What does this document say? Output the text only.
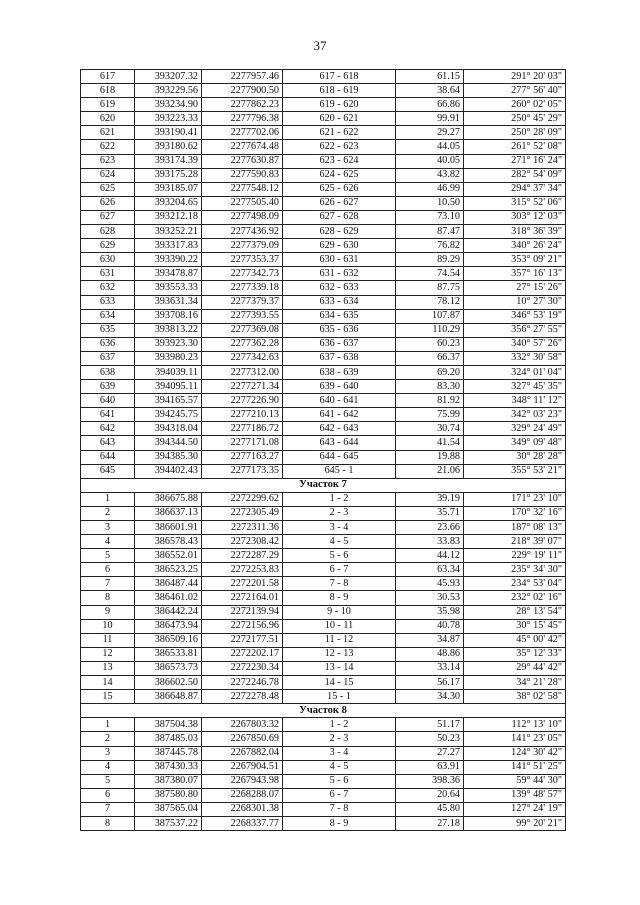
37
617	393207.32	2277957.46	617 - 618	61.15	291° 20' 03"
618	393229.56	2277900.50	618 - 619	38.64	277° 56' 40"
619	393234.90	2277862.23	619 - 620	66.86	260° 02' 05"
620	393223.33	2277796.38	620 - 621	99.91	250° 45' 29"
621	393190.41	2277702.06	621 - 622	29.27	250° 28' 09"
622	393180.62	2277674.48	622 - 623	44.05	261° 52' 08"
623	393174.39	2277630.87	623 - 624	40.05	271° 16' 24"
624	393175.28	2277590.83	624 - 625	43.82	282° 54' 09"
625	393185.07	2277548.12	625 - 626	46.99	294° 37' 34"
626	393204.65	2277505.40	626 - 627	10.50	315° 52' 06"
627	393212.18	2277498.09	627 - 628	73.10	303° 12' 03"
628	393252.21	2277436.92	628 - 629	87.47	318° 36' 39"
629	393317.83	2277379.09	629 - 630	76.82	340° 26' 24"
630	393390.22	2277353.37	630 - 631	89.29	353° 09' 21"
631	393478.87	2277342.73	631 - 632	74.54	357° 16' 13"
632	393553.33	2277339.18	632 - 633	87.75	27° 15' 26"
633	393631.34	2277379.37	633 - 634	78.12	10° 27' 30"
634	393708.16	2277393.55	634 - 635	107.87	346° 53' 19"
635	393813.22	2277369.08	635 - 636	110.29	356° 27' 55"
636	393923.30	2277362.28	636 - 637	60.23	340° 57' 26"
637	393980.23	2277342.63	637 - 638	66.37	332° 30' 58"
638	394039.11	2277312.00	638 - 639	69.20	324° 01' 04"
639	394095.11	2277271.34	639 - 640	83.30	327° 45' 35"
640	394165.57	2277226.90	640 - 641	81.92	348° 11' 12"
641	394245.75	2277210.13	641 - 642	75.99	342° 03' 23"
642	394318.04	2277186.72	642 - 643	30.74	329° 24' 49"
643	394344.50	2277171.08	643 - 644	41.54	349° 09' 48"
644	394385.30	2277163.27	644 - 645	19.88	30° 28' 28"
645	394402.43	2277173.35	645 - 1	21.06	355° 53' 21"
Участок 7					
1	386675.88	2272299.62	1 - 2	39.19	171° 23' 10"
2	386637.13	2272305.49	2 - 3	35.71	170° 32' 16"
3	386601.91	2272311.36	3 - 4	23.66	187° 08' 13"
4	386578.43	2272308.42	4 - 5	33.83	218° 39' 07"
5	386552.01	2272287.29	5 - 6	44.12	229° 19' 11"
6	386523.25	2272253.83	6 - 7	63.34	235° 34' 30"
7	386487.44	2272201.58	7 - 8	45.93	234° 53' 04"
8	386461.02	2272164.01	8 - 9	30.53	232° 02' 16"
9	386442.24	2272139.94	9 - 10	35.98	28° 13' 54"
10	386473.94	2272156.96	10 - 11	40.78	30° 15' 45"
11	386509.16	2272177.51	11 - 12	34.87	45° 00' 42"
12	386533.81	2272202.17	12 - 13	48.86	35° 12' 33"
13	386573.73	2272230.34	13 - 14	33.14	29° 44' 42"
14	386602.50	2272246.78	14 - 15	56.17	34° 21' 28"
15	386648.87	2272278.48	15 - 1	34.30	38° 02' 58"
Участок 8					
1	387504.38	2267803.32	1 - 2	51.17	112° 13' 10"
2	387485.03	2267850.69	2 - 3	50.23	141° 23' 05"
3	387445.78	2267882.04	3 - 4	27.27	124° 30' 42"
4	387430.33	2267904.51	4 - 5	63.91	141° 51' 25"
5	387380.07	2267943.98	5 - 6	398.36	59° 44' 30"
6	387580.80	2268288.07	6 - 7	20.64	139° 48' 57"
7	387565.04	2268301.38	7 - 8	45.80	127° 24' 19"
8	387537.22	2268337.77	8 - 9	27.18	99° 20' 21"
